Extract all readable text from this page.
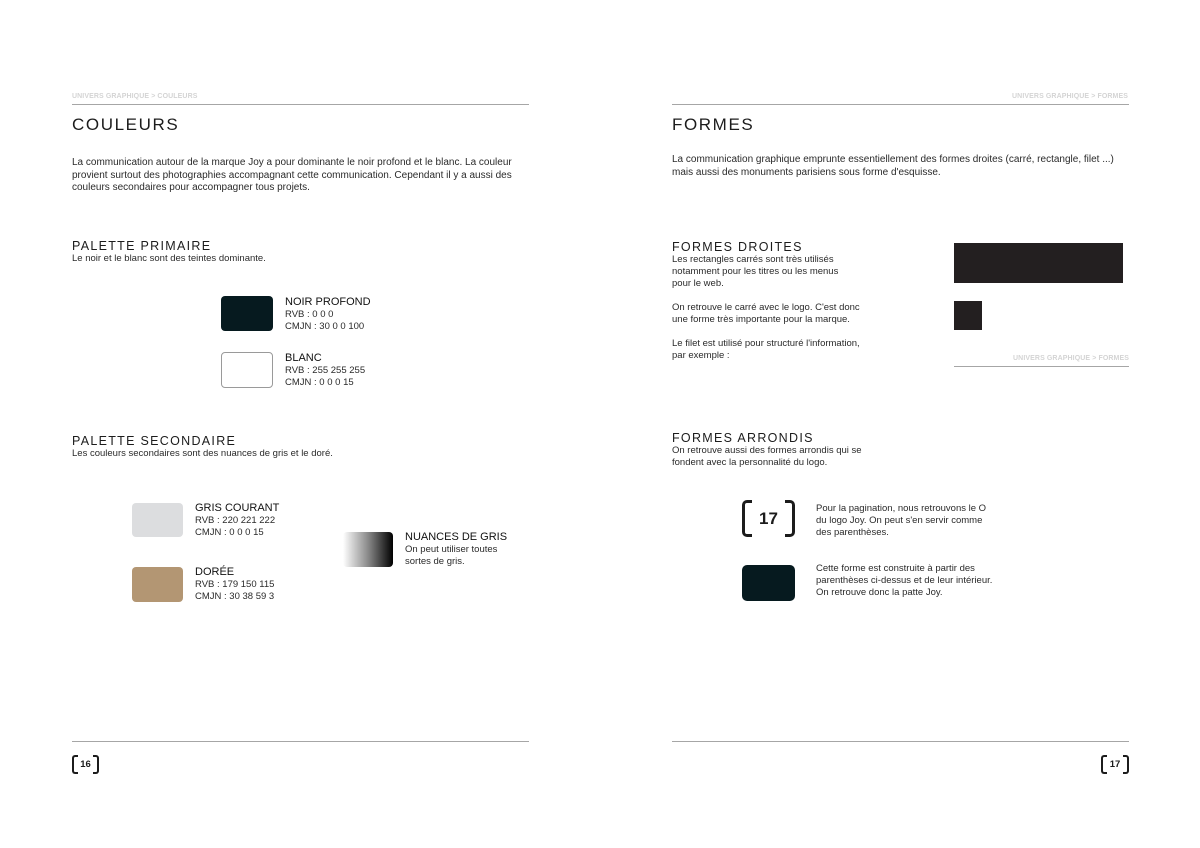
UNIVERS GRAPHIQUE > COULEURS
COULEURS
La communication autour de la marque Joy a pour dominante le noir profond et le blanc. La couleur provient surtout des photographies accompagnant cette communication. Cependant il y a aussi des couleurs secondaires pour accompagner tous projets.
PALETTE PRIMAIRE
Le noir et le blanc sont des teintes dominante.
NOIR PROFOND
RVB : 0 0 0
CMJN : 30 0 0 100
BLANC
RVB : 255 255 255
CMJN : 0 0 0 15
PALETTE SECONDAIRE
Les couleurs secondaires sont des nuances de gris et le doré.
GRIS COURANT
RVB : 220 221 222
CMJN : 0 0 0 15
DORÉE
RVB : 179 150 115
CMJN : 30 38 59 3
NUANCES DE GRIS
On peut utiliser toutes
sortes de gris.
16
UNIVERS GRAPHIQUE > FORMES
FORMES
La communication graphique emprunte essentiellement des formes droites (carré, rectangle, filet ...) mais aussi des monuments parisiens sous forme d'esquisse.
FORMES DROITES
Les rectangles carrés sont très utilisés
notamment pour les titres ou les menus
pour le web.
On retrouve le carré avec le logo. C'est donc
une forme très importante pour la marque.
Le filet est utilisé pour structuré l'information,
par exemple :	UNIVERS GRAPHIQUE > FORMES
FORMES ARRONDIS
On retrouve aussi des formes arrondis qui se
fondent avec la personnalité du logo.
17	Pour la pagination, nous retrouvons le O
du logo Joy. On peut s'en servir comme
des parenthèses.
Cette forme est construite à partir des
parenthèses ci-dessus et de leur intérieur.
On retrouve donc la patte Joy.
17
